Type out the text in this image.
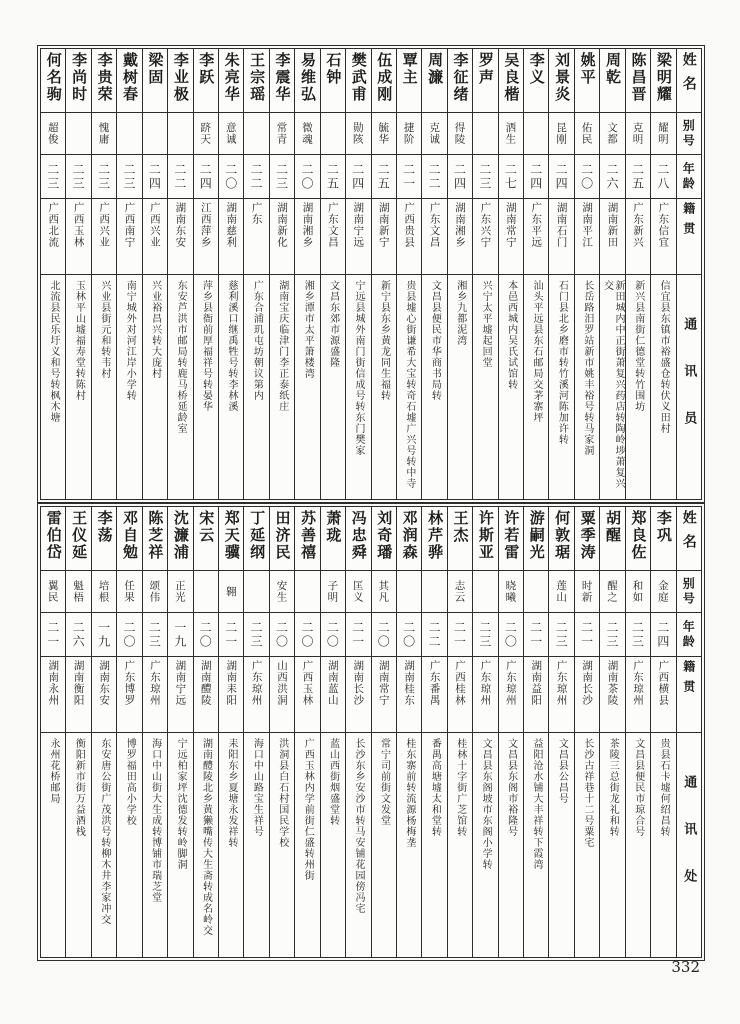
姓名
别号
年龄
籍贯
通讯员
梁明耀
耀明
二八
广东信宜
信宜县东镇市裕盛仓转伏义田村
陈昌晋
克明
二五
广东新兴
新兴县南街仁德堂转竹围坊
周乾
文都
二六
湖南新田
新田城内中正街萧复兴药店转陶岭埗萧复兴交
姚平
佑民
二〇
湖南平江
长岳路汨罗站新市姚丰裕号转马家洞
刘景炎
昆刚
二四
湖南石门
石门县北乡磨市转竹溪河陈加许转
李义
二四
广东平远
汕头平远县东石邮局交茅寨坪
吴良楷
洒生
二七
湖南常宁
本邑西城内吴氏试馆转
罗声
二三
广东兴宁
兴宁太平墟起回堂
李征绪
得陵
二四
湖南湘乡
湘乡九都泥湾
周濂
克诚
二二
广东文昌
文昌县便民市华商书局转
覃主
捷阶
二一
广西贵县
贵县墟心街谦希大宝转奇石墟广兴号转中寺
伍成刚
毓华
二五
湖南新宁
新宁县东乡黄龙同生福转
樊武甫
勋陔
二四
湖南宁远
宁远县城外南门街信成号转东门樊家
石钟
二五
广东文昌
文昌东郊市源盛隆
易维弘
微魂
二〇
湖南湘乡
湘乡潭市太平箫楼湾
李震华
常青
二三
湖南新化
湖南宝庆临津门李正泰纸庄
王宗瑶
二二
广东
广东合浦玑屯坊朝议第内
朱亮华
意诚
二〇
湖南慈利
慈利溪口继禹牲号转李林溪
李跃
跻天
二四
江西萍乡
萍乡县衙前厚福祥号转晏华
李业极
二二
湖南东安
东安芦洪市邮局转鹿马桥延龄室
梁固
二四
广西兴业
兴业裕昌兴转大庞村
戴树春
二三
广西南宁
南宁城外对河江岸小学转
李贵荣
愧庸
二三
广西兴业
兴业县街元和转韦村
李尚时
二三
广西玉林
玉林平山墟福寿堂转陈村
何名驹
超俊
二三
广西北流
北流县民乐圩义和号转枫木塘
姓名
别号
年龄
籍贯
通讯处
李巩
金庭
二四
广西横县
贵县石卡墟何绍昌转
郑良佐
和如
二三
广东琼州
文昌县便民市琼合号
胡醒
醒之
二三
湖南茶陵
茶陵三总街龙礼和转
粟季涛
时新
二一
湖南长沙
长沙古祥巷十二号粟宅
何敦琚
莲山
二三
广东琼州
文昌县公昌号
游嗣光
二一
湖南益阳
益阳沧水铺大丰祥转下霞湾
许若雷
晓曦
二〇
广东琼州
文昌县东阁市裕隆号
许斯亚
二三
广东琼州
文昌县东阁坡市东阁小学转
王杰
志云
二一
广西桂林
桂林十字街广芝馆转
林芹骅
二二
广东番禺
番禺高塘墟太和堂转
邓润森
二〇
湖南桂东
桂东寨前转流源杨梅垄
刘奇璠
其凡
二〇
湖南常宁
常宁司前街文发堂
冯忠舜
匡义
二一
湖南长沙
长沙东乡安沙市转马安铺花园傍冯宅
萧珑
子明
二〇
湖南蓝山
蓝山西街烟盛堂转
苏善禧
二〇
广西玉林
广西玉林内学前街仁盛转州街
田济民
安生
二〇
山西洪洞
洪洞县白石村国民学校
丁延纲
二三
广东琼州
海口中山路宝生祥号
郑天骥
翱
二一
湖南耒阳
耒阳东乡夏塘永发祥转
宋云
二〇
湖南醴陵
湖南醴陵北乡黄獭嘴传大生斋转成名岭交
沈濂浦
正光
一九
湖南宁远
宁远柏家坪沈德发转岭脚洞
陈芝祥
颂伟
二三
广东琼州
海口中山街大生成转博铺市瑞芝堂
邓自勉
任果
二〇
广东博罗
博罗福田高小学校
李荡
培根
一九
湖南东安
东安唐公街广茂洪号转柳木井李家冲交
王仪延
魁梧
二六
湖南衡阳
衡阳新市街万益酒栈
雷伯岱
翼民
二一
湖南永州
永州花桥邮局
332
